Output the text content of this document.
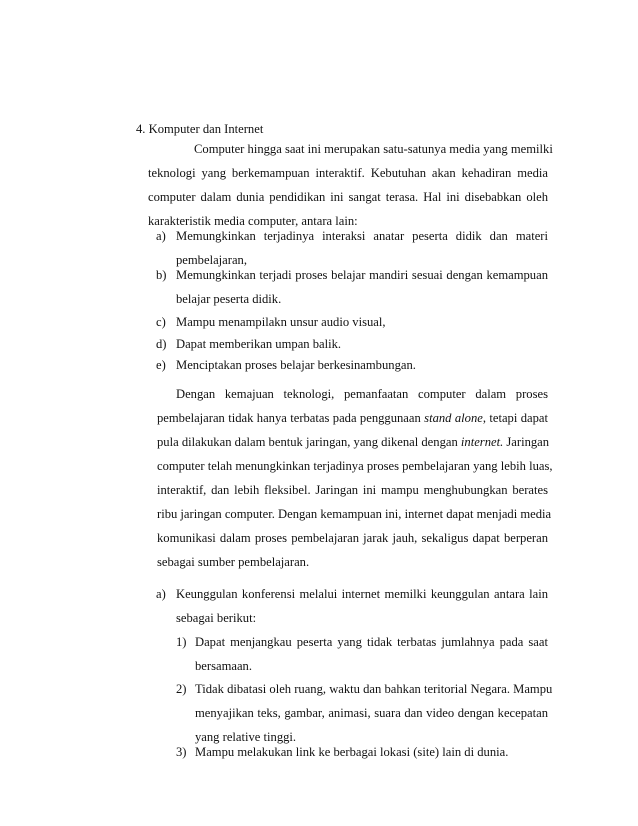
4. Komputer dan Internet
Computer hingga saat ini merupakan satu-satunya media yang memilki
teknologi yang berkemampuan interaktif. Kebutuhan akan kehadiran media
computer dalam dunia pendidikan ini sangat terasa. Hal ini disebabkan oleh
karakteristik media computer, antara lain:
a) Memungkinkan terjadinya interaksi anatar peserta didik dan materi
pembelajaran,
b) Memungkinkan terjadi proses belajar mandiri sesuai dengan kemampuan
belajar peserta didik.
c) Mampu menampilakn unsur audio visual,
d) Dapat memberikan umpan balik.
e) Menciptakan proses belajar berkesinambungan.
Dengan kemajuan teknologi, pemanfaatan computer dalam proses
pembelajaran tidak hanya terbatas pada penggunaan stand alone, tetapi dapat
pula dilakukan dalam bentuk jaringan, yang dikenal dengan internet. Jaringan
computer telah menungkinkan terjadinya proses pembelajaran yang lebih luas,
interaktif, dan lebih fleksibel. Jaringan ini mampu menghubungkan berates
ribu jaringan computer. Dengan kemampuan ini, internet dapat menjadi media
komunikasi dalam proses pembelajaran jarak jauh, sekaligus dapat berperan
sebagai sumber pembelajaran.
a) Keunggulan konferensi melalui internet memilki keunggulan antara lain
sebagai berikut:
1) Dapat menjangkau peserta yang tidak terbatas jumlahnya pada saat
bersamaan.
2) Tidak dibatasi oleh ruang, waktu dan bahkan teritorial Negara. Mampu
menyajikan teks, gambar, animasi, suara dan video dengan kecepatan
yang relative tinggi.
3) Mampu melakukan link ke berbagai lokasi (site) lain di dunia.
